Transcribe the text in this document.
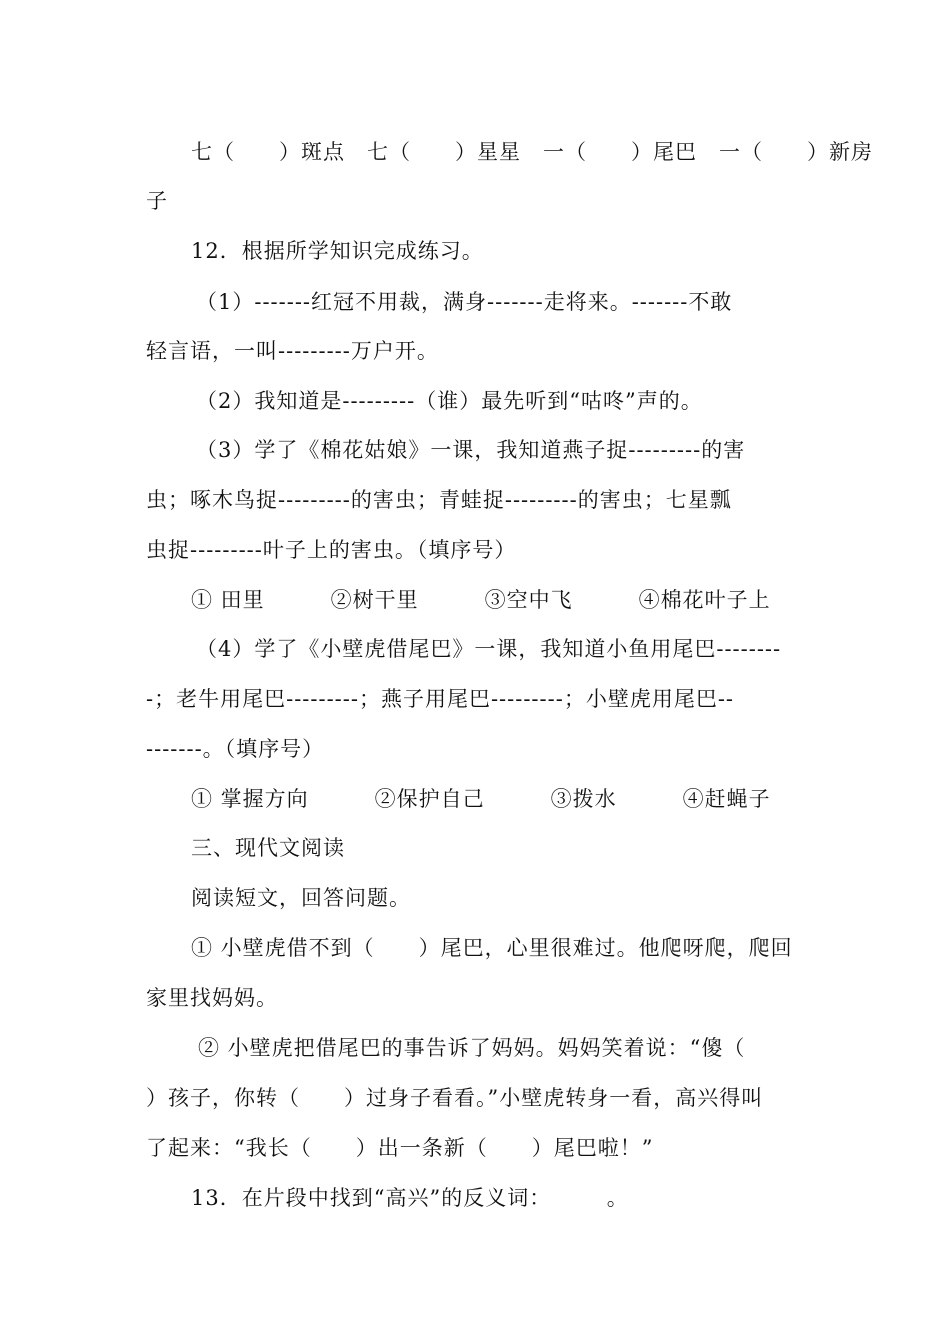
七（　　）斑点　七（　　）星星　一（　　）尾巴　一（　　）新房
子
12．根据所学知识完成练习。
（1）-------红冠不用裁，满身-------走将来。-------不敢
轻言语，一叫---------万户开。
（2）我知道是---------（谁）最先听到“咕咚”声的。
（3）学了《棉花姑娘》一课，我知道燕子捉---------的害
虫；啄木鸟捉---------的害虫；青蛙捉---------的害虫；七星瓢
虫捉---------叶子上的害虫。（填序号）
① 田里　　　②树干里　　　③空中飞　　　④棉花叶子上
（4）学了《小壁虎借尾巴》一课，我知道小鱼用尾巴--------
-；老牛用尾巴---------；燕子用尾巴---------；小壁虎用尾巴--
-------。（填序号）
① 掌握方向　　　②保护自己　　　③拨水　　　④赶蝇子
三、现代文阅读
阅读短文，回答问题。
① 小壁虎借不到（　　）尾巴，心里很难过。他爬呀爬，爬回
家里找妈妈。
② 小壁虎把借尾巴的事告诉了妈妈。妈妈笑着说：“傻（
）孩子，你转（　　）过身子看看。”小壁虎转身一看，高兴得叫
了起来：“我长（　　）出一条新（　　）尾巴啦！”
13．在片段中找到“高兴”的反义词：　　　。
